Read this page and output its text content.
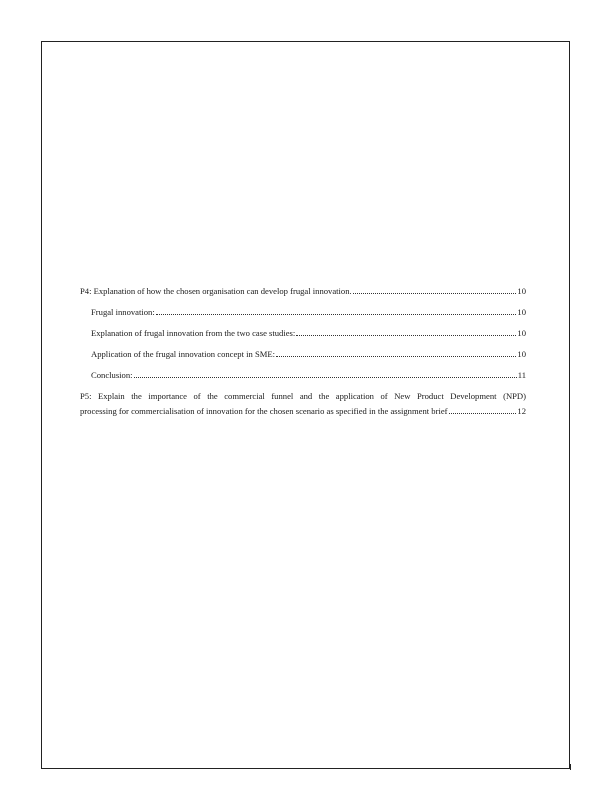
P4: Explanation of how the chosen organisation can develop frugal innovation.	10
Frugal innovation:	10
Explanation of frugal innovation from the two case studies:	10
Application of the frugal innovation concept in SME:	10
Conclusion:	11
P5: Explain the importance of the commercial funnel and the application of New Product Development (NPD)
processing for commercialisation of innovation for the chosen scenario as specified in the assignment brief	12
